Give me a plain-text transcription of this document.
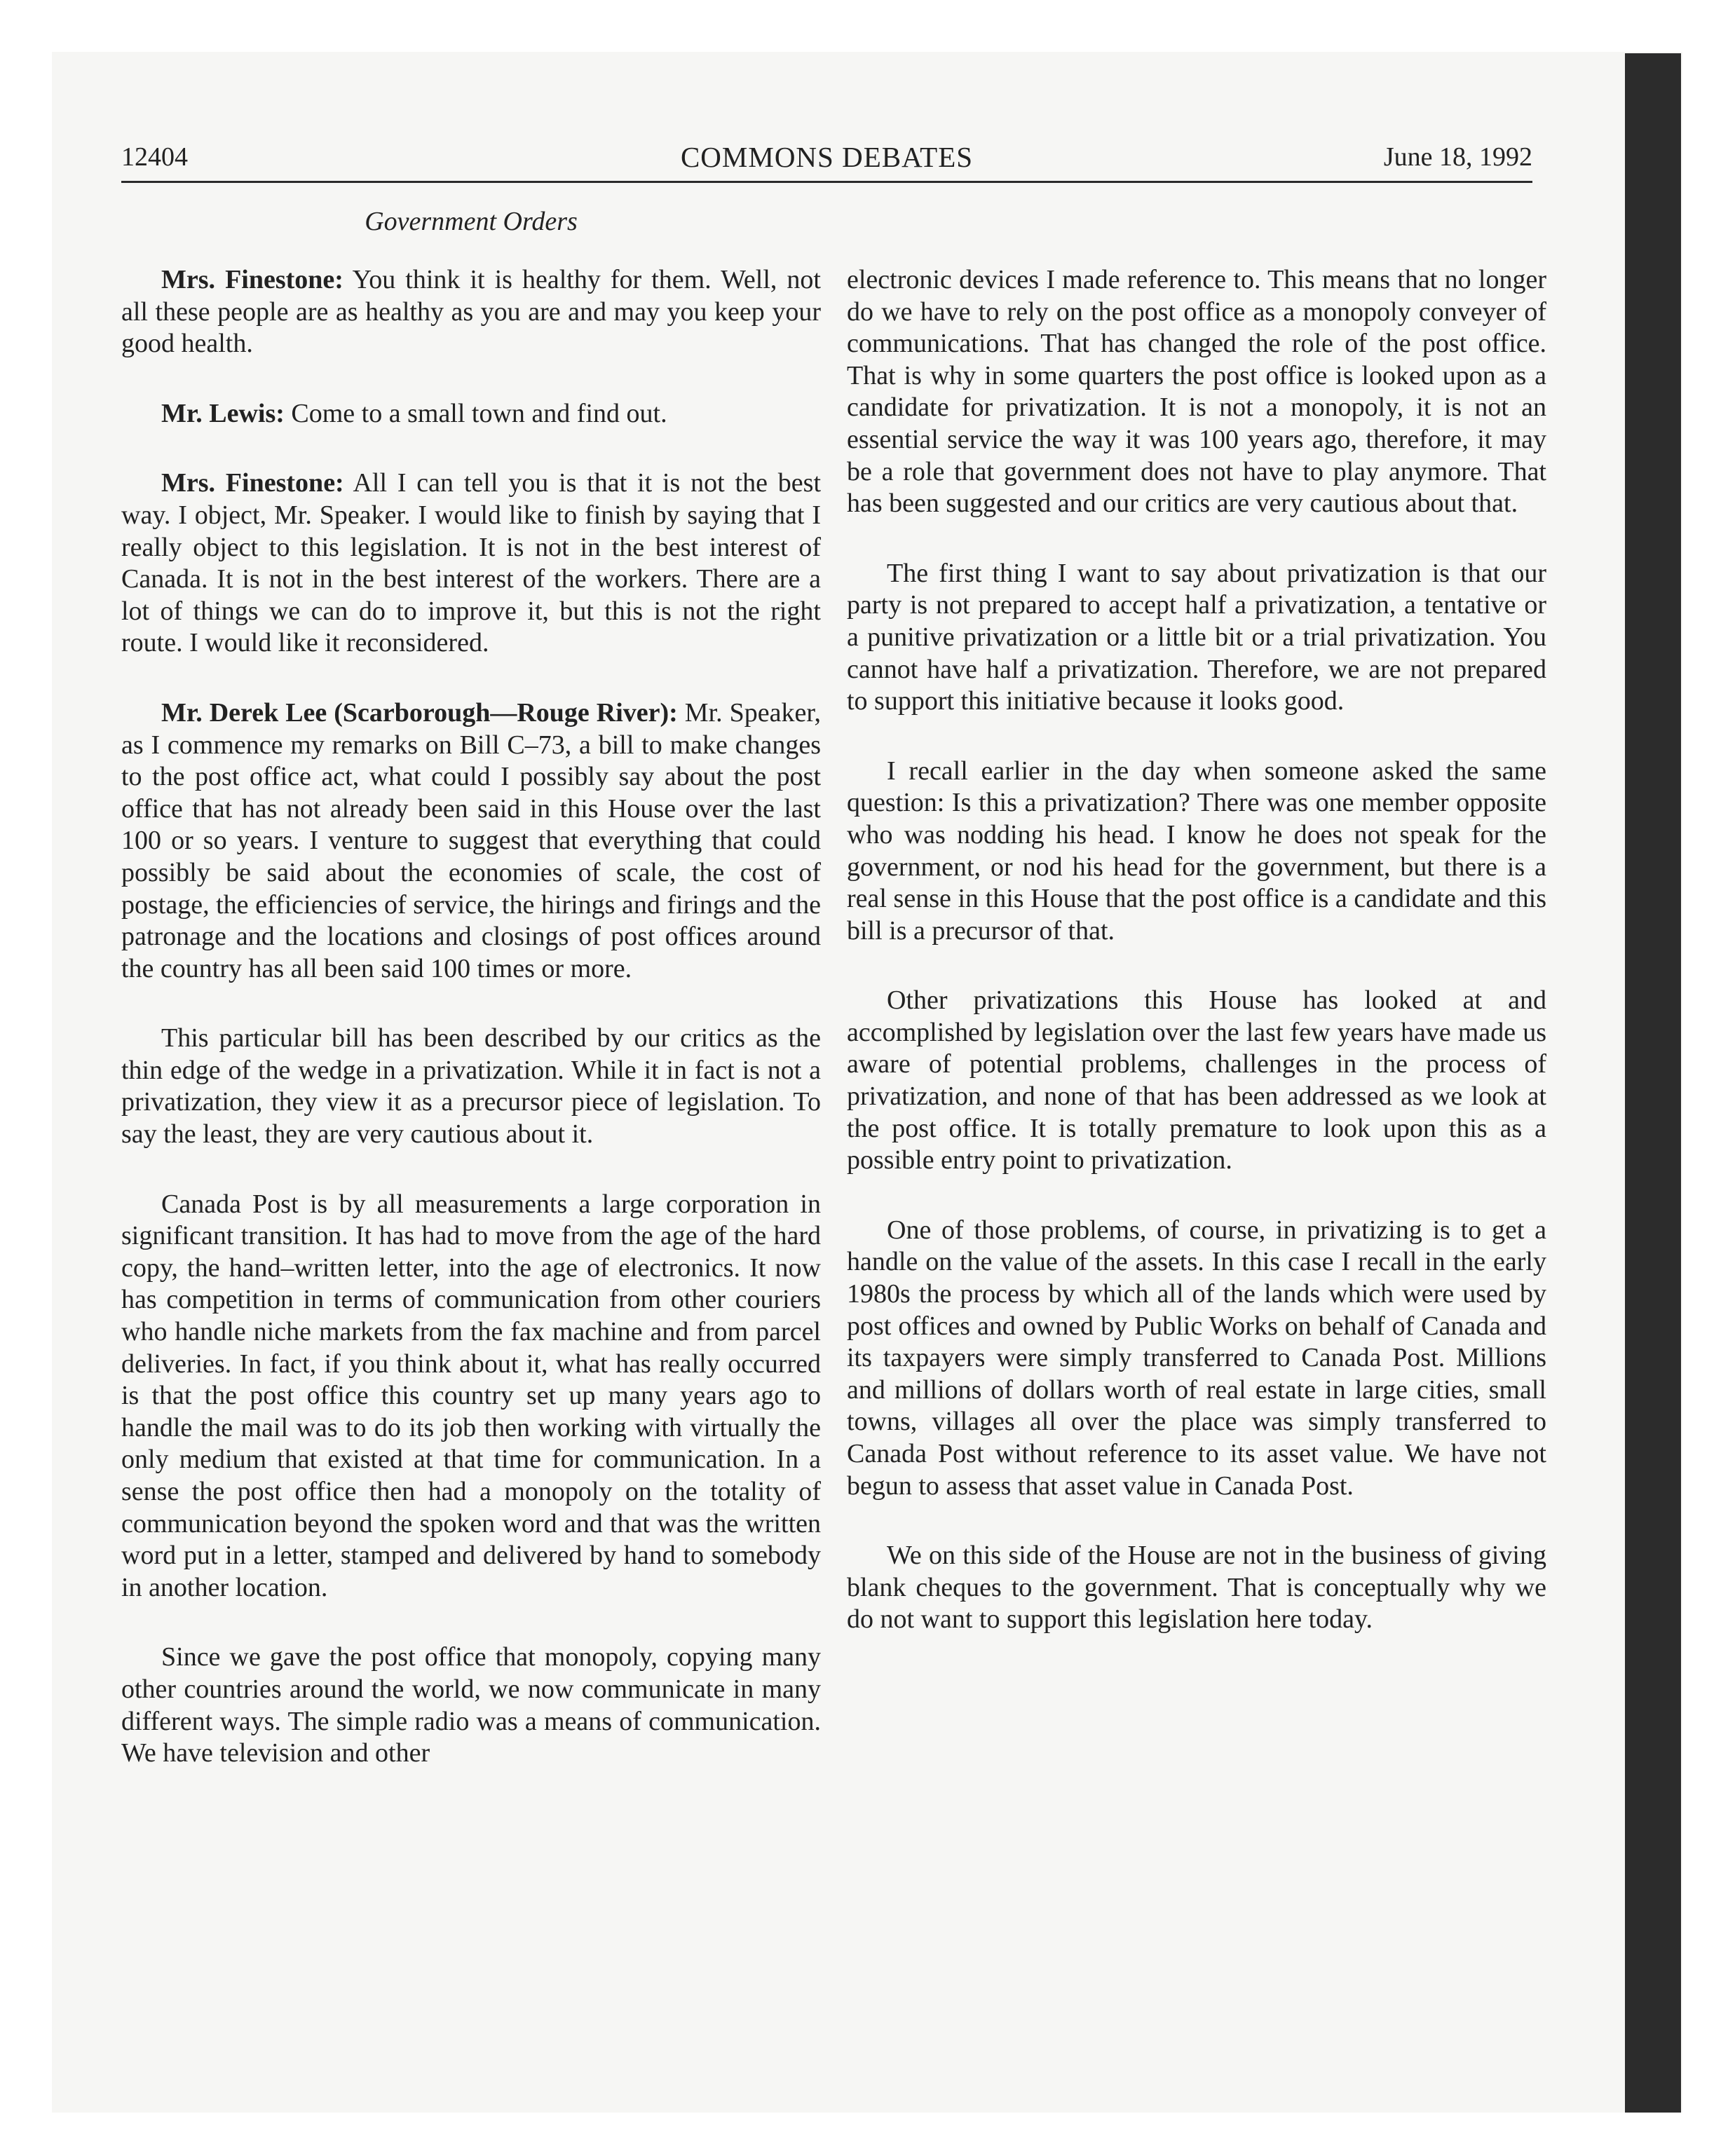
12404	COMMONS DEBATES	June 18, 1992
Government Orders

Mrs. Finestone: You think it is healthy for them. Well, not all these people are as healthy as you are and may you keep your good health.

Mr. Lewis: Come to a small town and find out.

Mrs. Finestone: All I can tell you is that it is not the best way. I object, Mr. Speaker. I would like to finish by saying that I really object to this legislation. It is not in the best interest of Canada. It is not in the best interest of the workers. There are a lot of things we can do to improve it, but this is not the right route. I would like it reconsidered.

Mr. Derek Lee (Scarborough—Rouge River): Mr. Speaker, as I commence my remarks on Bill C–73, a bill to make changes to the post office act, what could I possibly say about the post office that has not already been said in this House over the last 100 or so years. I venture to suggest that everything that could possibly be said about the economies of scale, the cost of postage, the efficiencies of service, the hirings and firings and the patronage and the locations and closings of post offices around the country has all been said 100 times or more.

This particular bill has been described by our critics as the thin edge of the wedge in a privatization. While it in fact is not a privatization, they view it as a precursor piece of legislation. To say the least, they are very cautious about it.

Canada Post is by all measurements a large corporation in significant transition. It has had to move from the age of the hard copy, the hand–written letter, into the age of electronics. It now has competition in terms of communication from other couriers who handle niche markets from the fax machine and from parcel deliveries. In fact, if you think about it, what has really occurred is that the post office this country set up many years ago to handle the mail was to do its job then working with virtually the only medium that existed at that time for communication. In a sense the post office then had a monopoly on the totality of communication beyond the spoken word and that was the written word put in a letter, stamped and delivered by hand to somebody in another location.

Since we gave the post office that monopoly, copying many other countries around the world, we now communicate in many different ways. The simple radio was a means of communication. We have television and other

electronic devices I made reference to. This means that no longer do we have to rely on the post office as a monopoly conveyer of communications. That has changed the role of the post office. That is why in some quarters the post office is looked upon as a candidate for privatization. It is not a monopoly, it is not an essential service the way it was 100 years ago, therefore, it may be a role that government does not have to play anymore. That has been suggested and our critics are very cautious about that.

The first thing I want to say about privatization is that our party is not prepared to accept half a privatization, a tentative or a punitive privatization or a little bit or a trial privatization. You cannot have half a privatization. Therefore, we are not prepared to support this initiative because it looks good.

I recall earlier in the day when someone asked the same question: Is this a privatization? There was one member opposite who was nodding his head. I know he does not speak for the government, or nod his head for the government, but there is a real sense in this House that the post office is a candidate and this bill is a precursor of that.

Other privatizations this House has looked at and accomplished by legislation over the last few years have made us aware of potential problems, challenges in the process of privatization, and none of that has been addressed as we look at the post office. It is totally premature to look upon this as a possible entry point to privatization.

One of those problems, of course, in privatizing is to get a handle on the value of the assets. In this case I recall in the early 1980s the process by which all of the lands which were used by post offices and owned by Public Works on behalf of Canada and its taxpayers were simply transferred to Canada Post. Millions and millions of dollars worth of real estate in large cities, small towns, villages all over the place was simply transferred to Canada Post without reference to its asset value. We have not begun to assess that asset value in Canada Post.

We on this side of the House are not in the business of giving blank cheques to the government. That is conceptually why we do not want to support this legislation here today.
